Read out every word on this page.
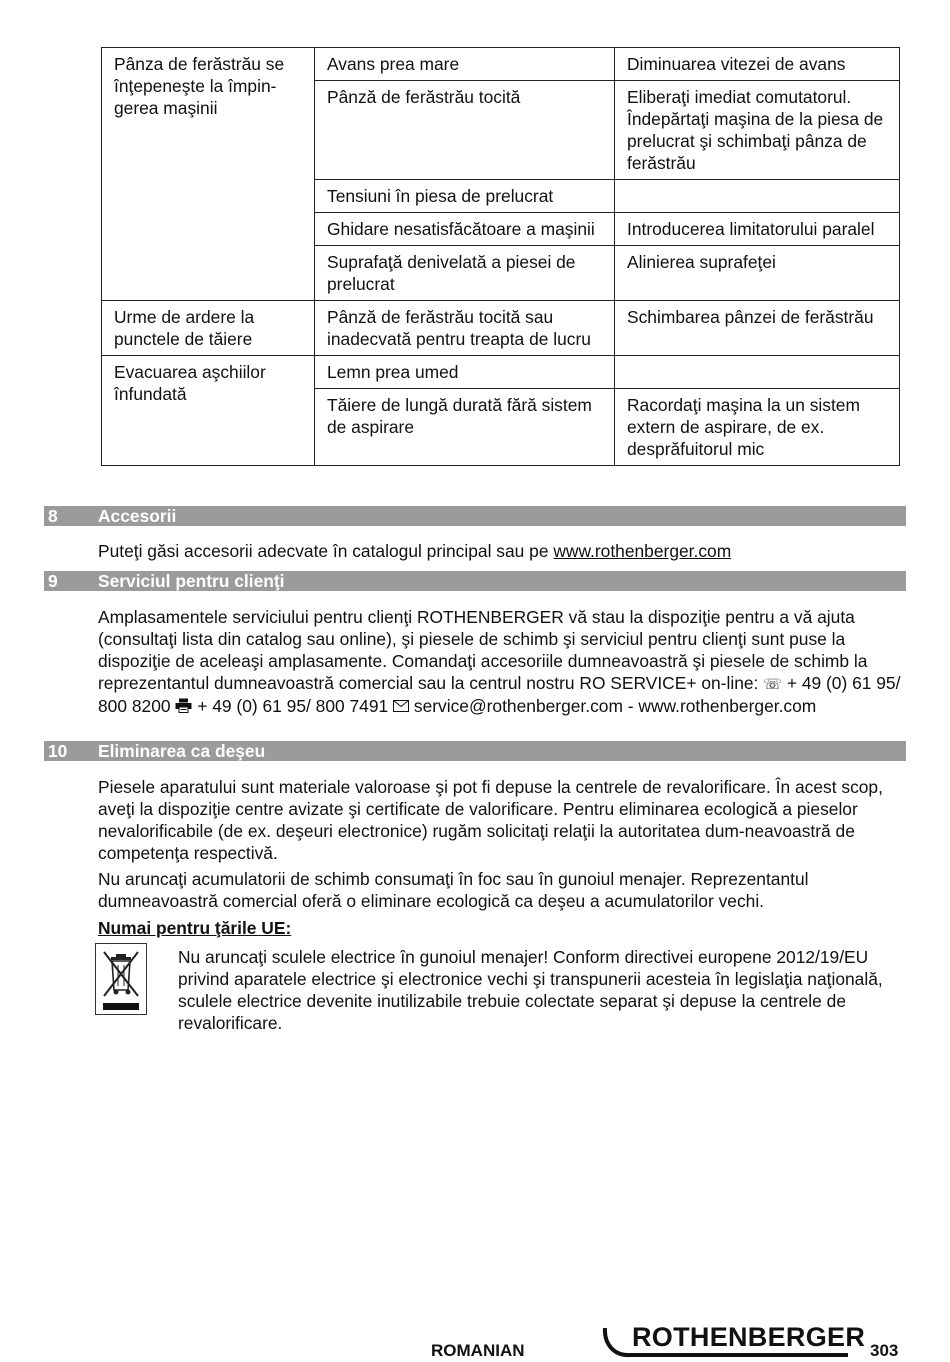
Pânza de ferăstrău se înţepeneşte la împin-gerea maşinii	Avans prea mare	Diminuarea vitezei de avans
	Pânză de ferăstrău tocită	Eliberaţi imediat comutatorul. Îndepărtaţi maşina de la piesa de prelucrat şi schimbaţi pânza de ferăstrău
	Tensiuni în piesa de prelucrat	
	Ghidare nesatisfăcătoare a maşinii	Introducerea limitatorului paralel
	Suprafaţă denivelată a piesei de prelucrat	Alinierea suprafeţei
Urme de ardere la punctele de tăiere	Pânză de ferăstrău tocită sau inadecvată pentru treapta de lucru	Schimbarea pânzei de ferăstrău
Evacuarea aşchiilor înfundată	Lemn prea umed	
	Tăiere de lungă durată fără sistem de aspirare	Racordaţi maşina la un sistem extern de aspirare, de ex. desprăfuitorul mic
8 Accesorii

Puteţi găsi accesorii adecvate în catalogul principal sau pe www.rothenberger.com

9 Serviciul pentru clienţi

Amplasamentele serviciului pentru clienţi ROTHENBERGER vă stau la dispoziţie pentru a vă ajuta (consultaţi lista din catalog sau online), şi piesele de schimb şi serviciul pentru clienţi sunt puse la dispoziţie de aceleaşi amplasamente. Comandaţi accesoriile dumneavoastră şi piesele de schimb la reprezentantul dumneavoastră comercial sau la centrul nostru RO SERVICE+ on-line: ☏ + 49 (0) 61 95/ 800 8200 + 49 (0) 61 95/ 800 7491 service@rothenberger.com - www.rothenberger.com

10 Eliminarea ca deşeu

Piesele aparatului sunt materiale valoroase şi pot fi depuse la centrele de revalorificare. În acest scop, aveţi la dispoziţie centre avizate şi certificate de valorificare. Pentru eliminarea ecologică a pieselor nevalorificabile (de ex. deşeuri electronice) rugăm solicitaţi relaţii la autoritatea dum-neavoastră de competenţa respectivă.

Nu aruncaţi acumulatorii de schimb consumaţi în foc sau în gunoiul menajer. Reprezentantul dumneavoastră comercial oferă o eliminare ecologică ca deşeu a acumulatorilor vechi.

Numai pentru ţările UE:

Nu aruncaţi sculele electrice în gunoiul menajer! Conform directivei europene 2012/19/EU privind aparatele electrice şi electronice vechi şi transpunerii acesteia în legislaţia naţională, sculele electrice devenite inutilizabile trebuie colectate separat şi depuse la centrele de revalorificare.

ROMANIAN	ROTHENBERGER 303
